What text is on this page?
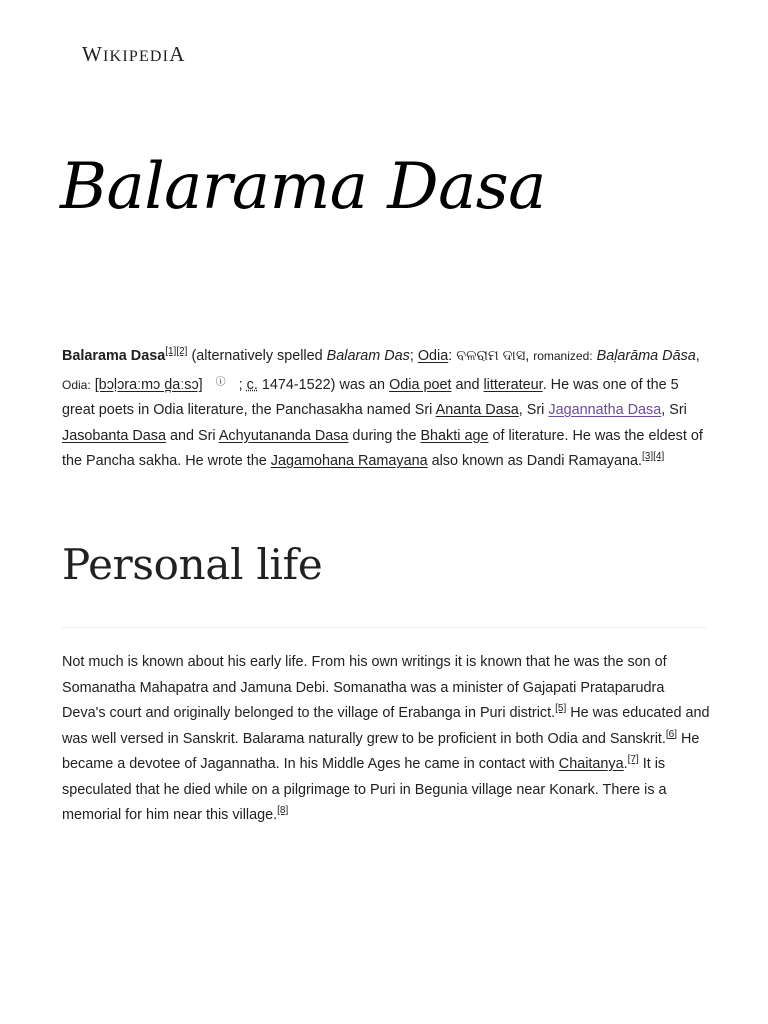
WIKIPEDIA
Balarama Dasa

Balarama Dasa[1][2] (alternatively spelled Balaram Das; Odia: ବଳରାମ ଦାସ, romanized: Baḷarāma Dāsa, Odia: [bɔḷɔraːmɔ d̪aːsɔ] ⓘ ; c. 1474-1522) was an Odia poet and litterateur. He was one of the 5 great poets in Odia literature, the Panchasakha named Sri Ananta Dasa, Sri Jagannatha Dasa, Sri Jasobanta Dasa and Sri Achyutananda Dasa during the Bhakti age of literature. He was the eldest of the Pancha sakha. He wrote the Jagamohana Ramayana also known as Dandi Ramayana.[3][4]

Personal life

Not much is known about his early life. From his own writings it is known that he was the son of Somanatha Mahapatra and Jamuna Debi. Somanatha was a minister of Gajapati Prataparudra Deva's court and originally belonged to the village of Erabanga in Puri district.[5] He was educated and was well versed in Sanskrit. Balarama naturally grew to be proficient in both Odia and Sanskrit.[6] He became a devotee of Jagannatha. In his Middle Ages he came in contact with Chaitanya.[7] It is speculated that he died while on a pilgrimage to Puri in Begunia village near Konark. There is a memorial for him near this village.[8]
